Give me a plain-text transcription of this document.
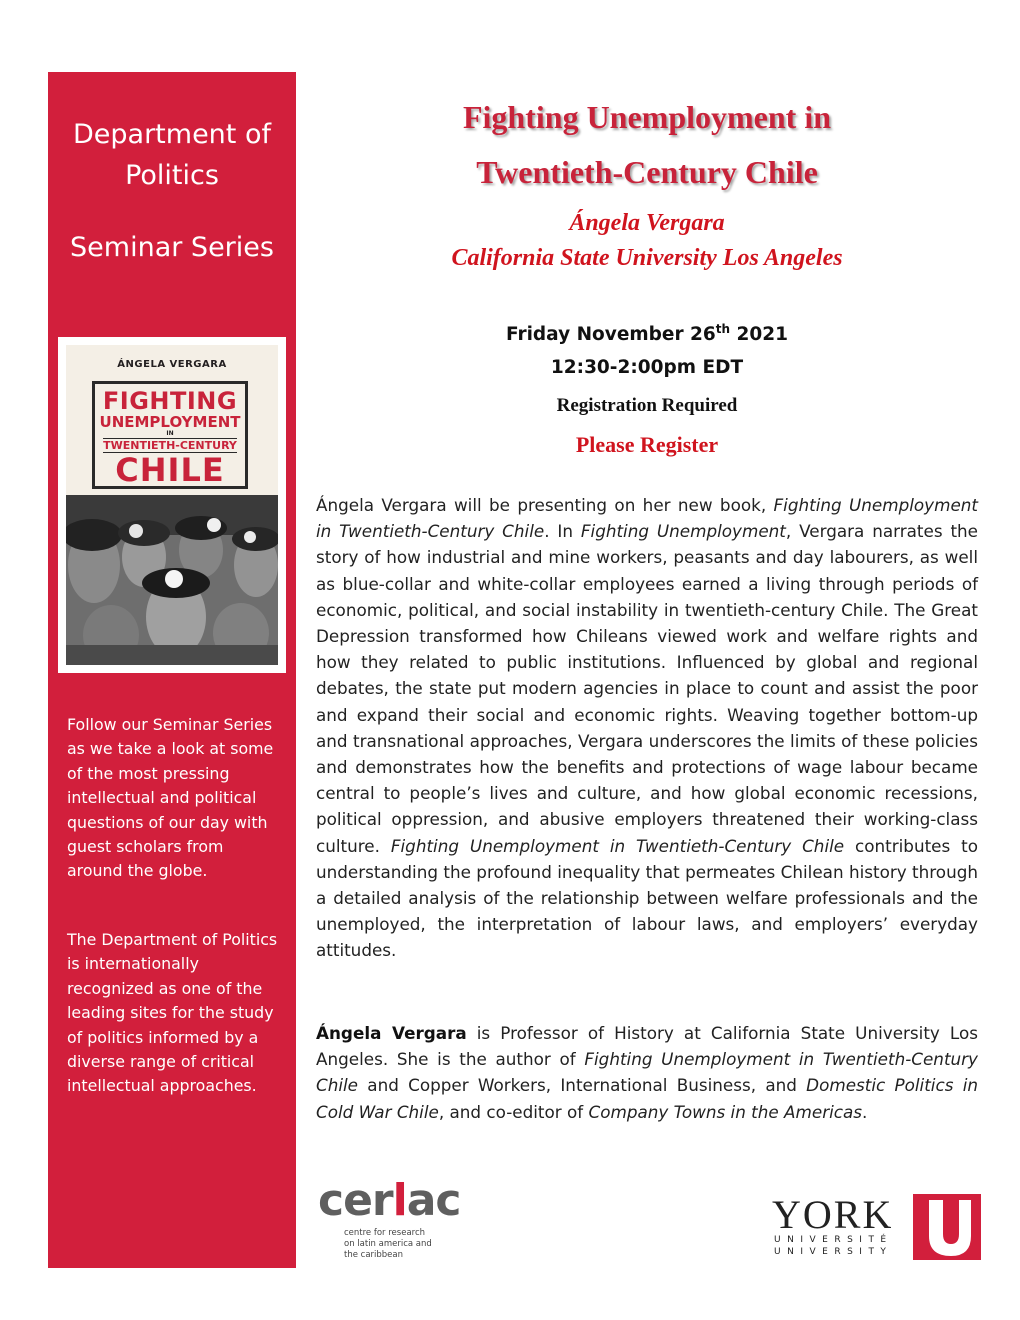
Department of
Politics
Seminar Series
ÁNGELA VERGARA
FIGHTING
UNEMPLOYMENT
IN
TWENTIETH-CENTURY
CHILE
Follow our Seminar Series as we take a look at some of the most pressing intellectual and political questions of our day with guest scholars from around the globe.
The Department of Politics is internationally recognized as one of the leading sites for the study of politics informed by a diverse range of critical intellectual approaches.
Fighting Unemployment in
Twentieth-Century Chile
Ángela Vergara
California State University Los Angeles
Friday November 26th 2021
12:30-2:00pm EDT
Registration Required
Please Register
Ángela Vergara will be presenting on her new book, Fighting Unemployment in Twentieth-Century Chile. In Fighting Unemployment, Vergara narrates the story of how industrial and mine workers, peasants and day labourers, as well as blue-collar and white-collar employees earned a living through periods of economic, political, and social instability in twentieth-century Chile. The Great Depression transformed how Chileans viewed work and welfare rights and how they related to public institutions. Influenced by global and regional debates, the state put modern agencies in place to count and assist the poor and expand their social and economic rights. Weaving together bottom-up and transnational approaches, Vergara underscores the limits of these policies and demonstrates how the benefits and protections of wage labour became central to people’s lives and culture, and how global economic recessions, political oppression, and abusive employers threatened their working-class culture. Fighting Unemployment in Twentieth-Century Chile contributes to understanding the profound inequality that permeates Chilean history through a detailed analysis of the relationship between welfare professionals and the unemployed, the interpretation of labour laws, and employers’ everyday attitudes.
Ángela Vergara is Professor of History at California State University Los Angeles. She is the author of Fighting Unemployment in Twentieth-Century Chile and Copper Workers, International Business, and Domestic Politics in Cold War Chile, and co-editor of Company Towns in the Americas.
cerlac
centre for research
on latin america and
the caribbean
YORK
UNIVERSITÉ
UNIVERSITY
